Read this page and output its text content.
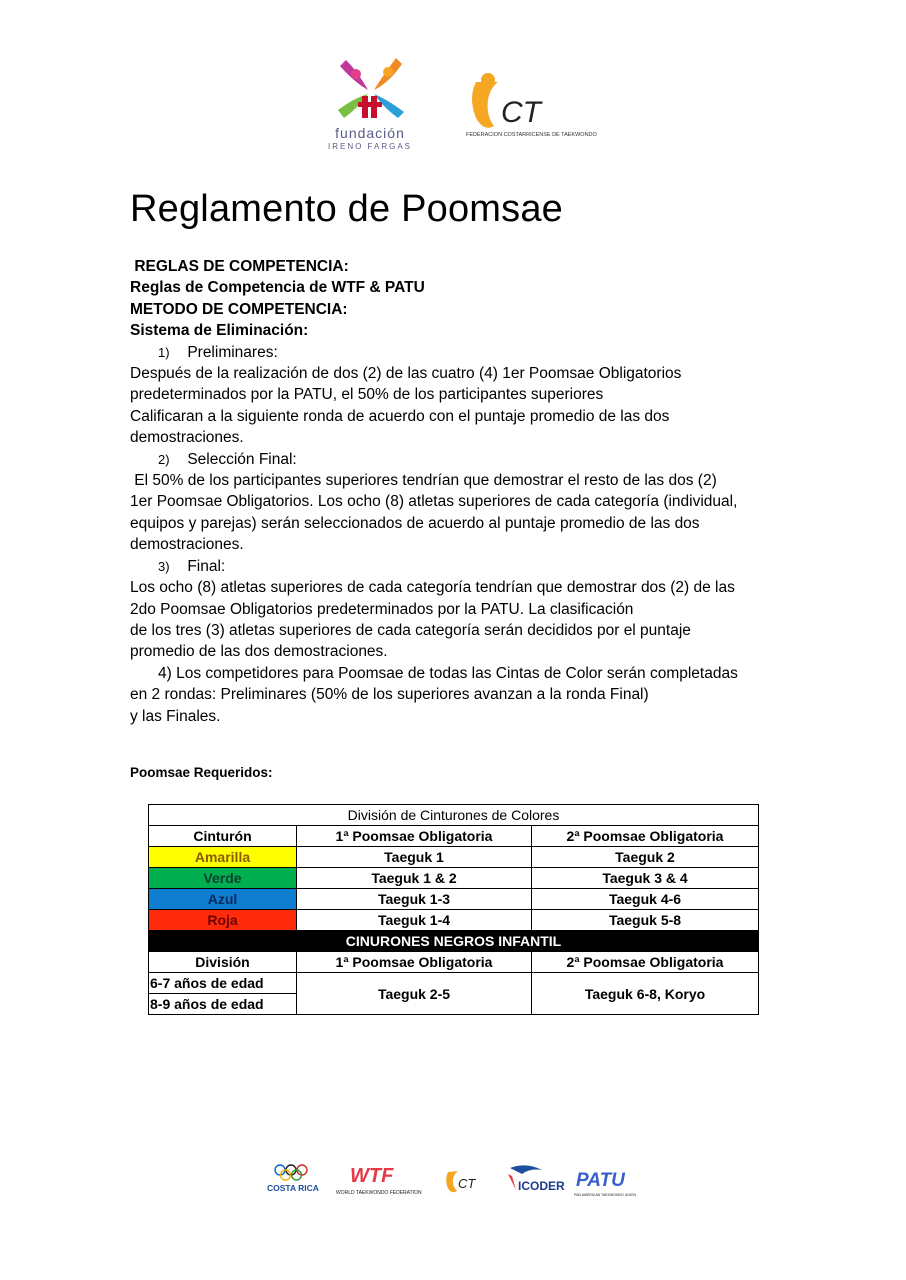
fundación
IRENO FARGAS
CT
FEDERACION COSTARRICENSE DE TAEKWONDO
Reglamento de Poomsae

REGLAS DE COMPETENCIA:

Reglas de Competencia de WTF & PATU

METODO DE COMPETENCIA:

Sistema de Eliminación:

1) Preliminares:

Después de la realización de dos (2) de las cuatro (4) 1er Poomsae Obligatorios

predeterminados por la PATU, el 50% de los participantes superiores

Calificaran a la siguiente ronda de acuerdo con el puntaje promedio de las dos

demostraciones.

2) Selección Final:

El 50% de los participantes superiores tendrían que demostrar el resto de las dos (2)

1er Poomsae Obligatorios. Los ocho (8) atletas superiores de cada categoría (individual,

equipos y parejas) serán seleccionados de acuerdo al puntaje promedio de las dos

demostraciones.

3) Final:

Los ocho (8) atletas superiores de cada categoría tendrían que demostrar dos (2) de las

2do Poomsae Obligatorios predeterminados por la PATU. La clasificación

de los tres (3) atletas superiores de cada categoría serán decididos por el puntaje

promedio de las dos demostraciones.

4) Los competidores para Poomsae de todas las Cintas de Color serán completadas

en 2 rondas: Preliminares (50% de los superiores avanzan a la ronda Final)

y las Finales.

Poomsae Requeridos:
División de Cinturones de Colores		
Cinturón	1ª Poomsae Obligatoria	2ª Poomsae Obligatoria
Amarilla	Taeguk 1	Taeguk 2
Verde	Taeguk 1 & 2	Taeguk 3 & 4
Azul	Taeguk 1-3	Taeguk 4-6
Roja	Taeguk 1-4	Taeguk 5-8
CINURONES NEGROS INFANTIL		
División	1ª Poomsae Obligatoria	2ª Poomsae Obligatoria
6-7 años de edad	Taeguk 2-5	Taeguk 6-8, Koryo
8-9 años de edad		
COSTA RICA
WTF
WORLD TAEKWONDO FEDERATION
CT	ICODER PATU
PAN AMERICAN TAEKWONDO UNION
